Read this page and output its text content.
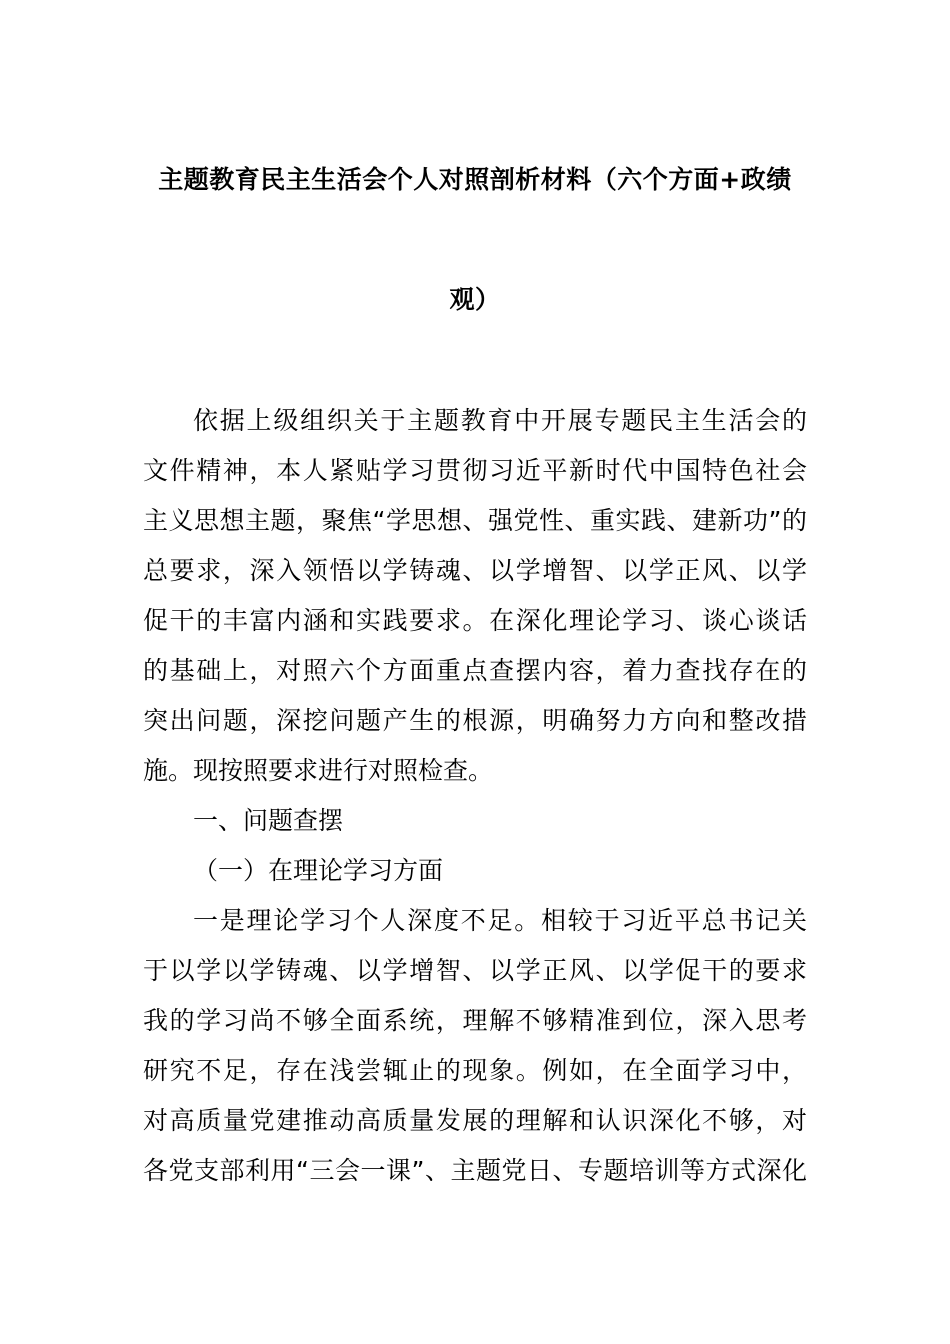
主题教育民主生活会个人对照剖析材料（六个方面+政绩
观）
依据上级组织关于主题教育中开展专题民主生活会的
文件精神，本人紧贴学习贯彻习近平新时代中国特色社会
主义思想主题，聚焦“学思想、强党性、重实践、建新功”的
总要求，深入领悟以学铸魂、以学增智、以学正风、以学
促干的丰富内涵和实践要求。在深化理论学习、谈心谈话
的基础上，对照六个方面重点查摆内容，着力查找存在的
突出问题，深挖问题产生的根源，明确努力方向和整改措
施。现按照要求进行对照检查。
一、问题查摆
（一）在理论学习方面
一是理论学习个人深度不足。相较于习近平总书记关
于以学以学铸魂、以学增智、以学正风、以学促干的要求
我的学习尚不够全面系统，理解不够精准到位，深入思考
研究不足，存在浅尝辄止的现象。例如，在全面学习中，
对高质量党建推动高质量发展的理解和认识深化不够，对
各党支部利用“三会一课”、主题党日、专题培训等方式深化
